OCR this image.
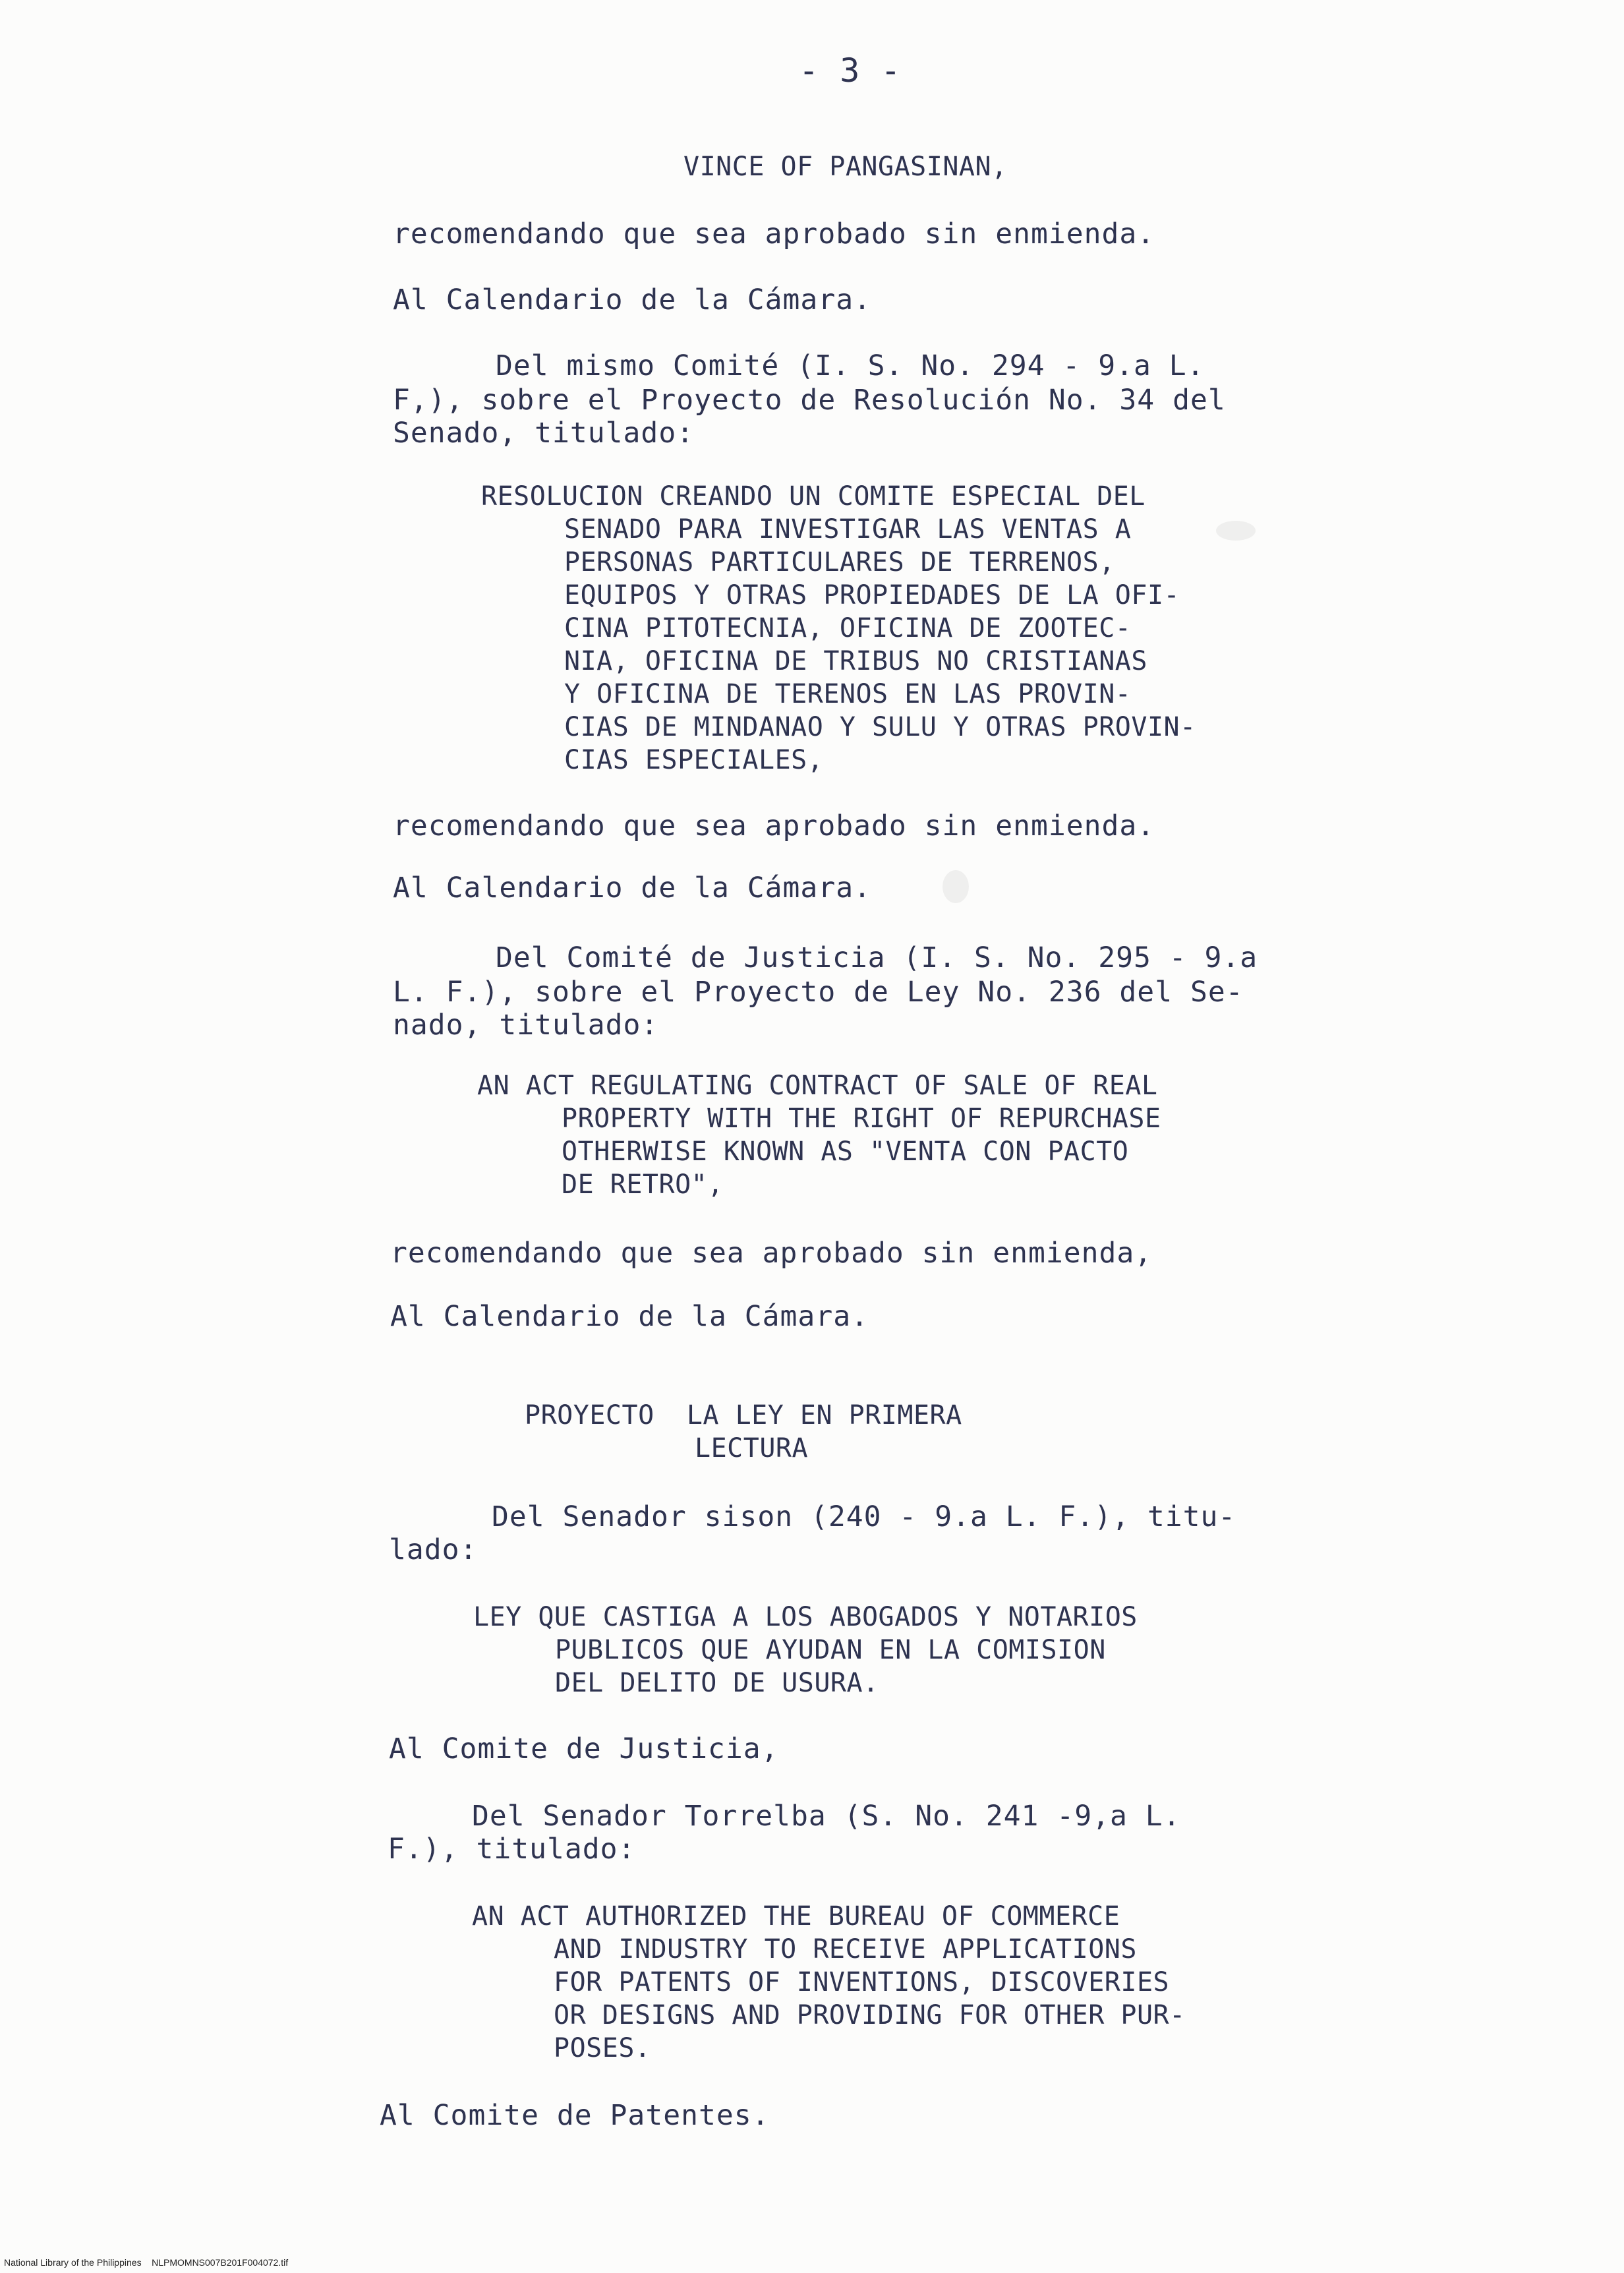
- 3 -
VINCE OF PANGASINAN,
recomendando que sea aprobado sin enmienda.
Al Calendario de la Cámara.
Del mismo Comité (I. S. No. 294 - 9.a L.
F,), sobre el Proyecto de Resolución No. 34 del
Senado, titulado:
RESOLUCION CREANDO UN COMITE ESPECIAL DEL
SENADO PARA INVESTIGAR LAS VENTAS A
PERSONAS PARTICULARES DE TERRENOS,
EQUIPOS Y OTRAS PROPIEDADES DE LA OFI-
CINA PITOTECNIA, OFICINA DE ZOOTEC-
NIA, OFICINA DE TRIBUS NO CRISTIANAS
Y OFICINA DE TERENOS EN LAS PROVIN-
CIAS DE MINDANAO Y SULU Y OTRAS PROVIN-
CIAS ESPECIALES,
recomendando que sea aprobado sin enmienda.
Al Calendario de la Cámara.
Del Comité de Justicia (I. S. No. 295 - 9.a
L. F.), sobre el Proyecto de Ley No. 236 del Se-
nado, titulado:
AN ACT REGULATING CONTRACT OF SALE OF REAL
PROPERTY WITH THE RIGHT OF REPURCHASE
OTHERWISE KNOWN AS "VENTA CON PACTO
DE RETRO",
recomendando que sea aprobado sin enmienda,
Al Calendario de la Cámara.
PROYECTO  LA LEY EN PRIMERA
LECTURA
Del Senador sison (240 - 9.a L. F.), titu-
lado:
LEY QUE CASTIGA A LOS ABOGADOS Y NOTARIOS
PUBLICOS QUE AYUDAN EN LA COMISION
DEL DELITO DE USURA.
Al Comite de Justicia,
Del Senador Torrelba (S. No. 241 -9,a L.
F.), titulado:
AN ACT AUTHORIZED THE BUREAU OF COMMERCE
AND INDUSTRY TO RECEIVE APPLICATIONS
FOR PATENTS OF INVENTIONS, DISCOVERIES
OR DESIGNS AND PROVIDING FOR OTHER PUR-
POSES.
Al Comite de Patentes.
National Library of the Philippines    NLPMOMNS007B201F004072.tif
